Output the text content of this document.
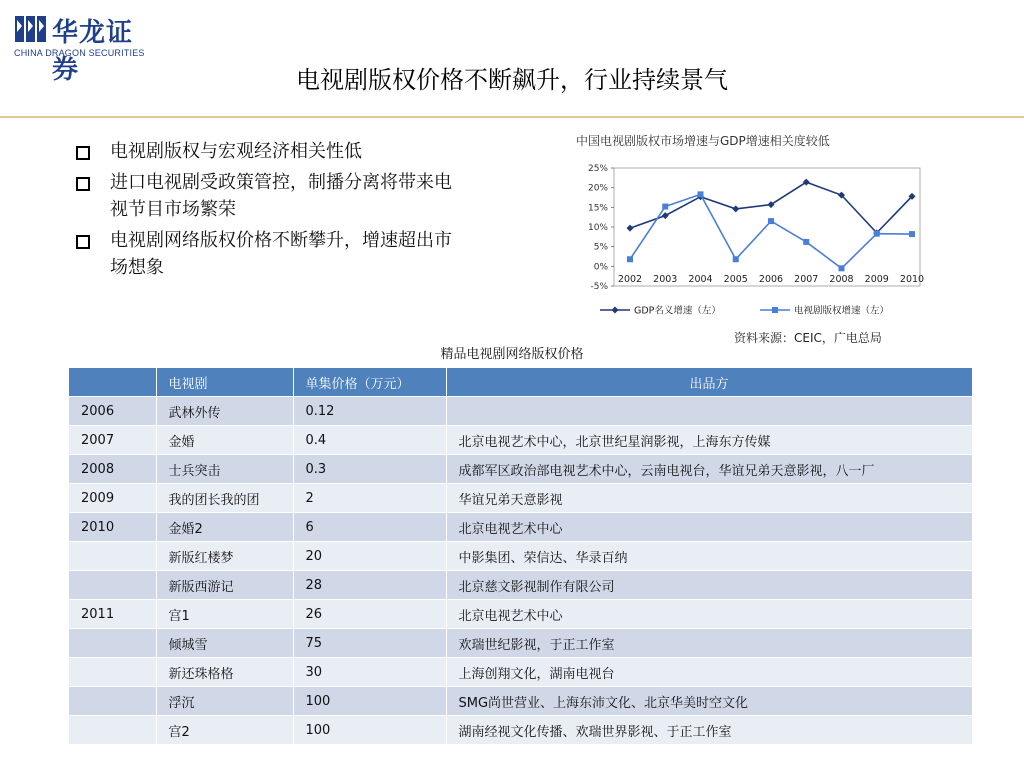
华龙证券
CHINA DRAGON SECURITIES
电视剧版权价格不断飙升，行业持续景气
电视剧版权与宏观经济相关性低
进口电视剧受政策管控，制播分离将带来电视节目市场繁荣
电视剧网络版权价格不断攀升，增速超出市场想象
25%
20%
15%
10%
5%
0%
-5%
2002 2003 2004 2005 2006 2007 2008 2009 2010
GDP名义增速（左）	电视剧版权增速（左）
中国电视剧版权市场增速与GDP增速相关度较低
资料来源：CEIC，广电总局
精品电视剧网络版权价格
	电视剧	单集价格（万元）	出品方
2006	武林外传	0.12	
2007	金婚	0.4	北京电视艺术中心，北京世纪星润影视，上海东方传媒
2008	士兵突击	0.3	成都军区政治部电视艺术中心，云南电视台，华谊兄弟天意影视，八一厂
2009	我的团长我的团	2	华谊兄弟天意影视
2010	金婚2	6	北京电视艺术中心
	新版红楼梦	20	中影集团、荣信达、华录百纳
	新版西游记	28	北京慈文影视制作有限公司
2011	宫1	26	北京电视艺术中心
	倾城雪	75	欢瑞世纪影视，于正工作室
	新还珠格格	30	上海创翔文化，湖南电视台
	浮沉	100	SMG尚世营业、上海东沛文化、北京华美时空文化
	宫2	100	湖南经视文化传播、欢瑞世界影视、于正工作室
